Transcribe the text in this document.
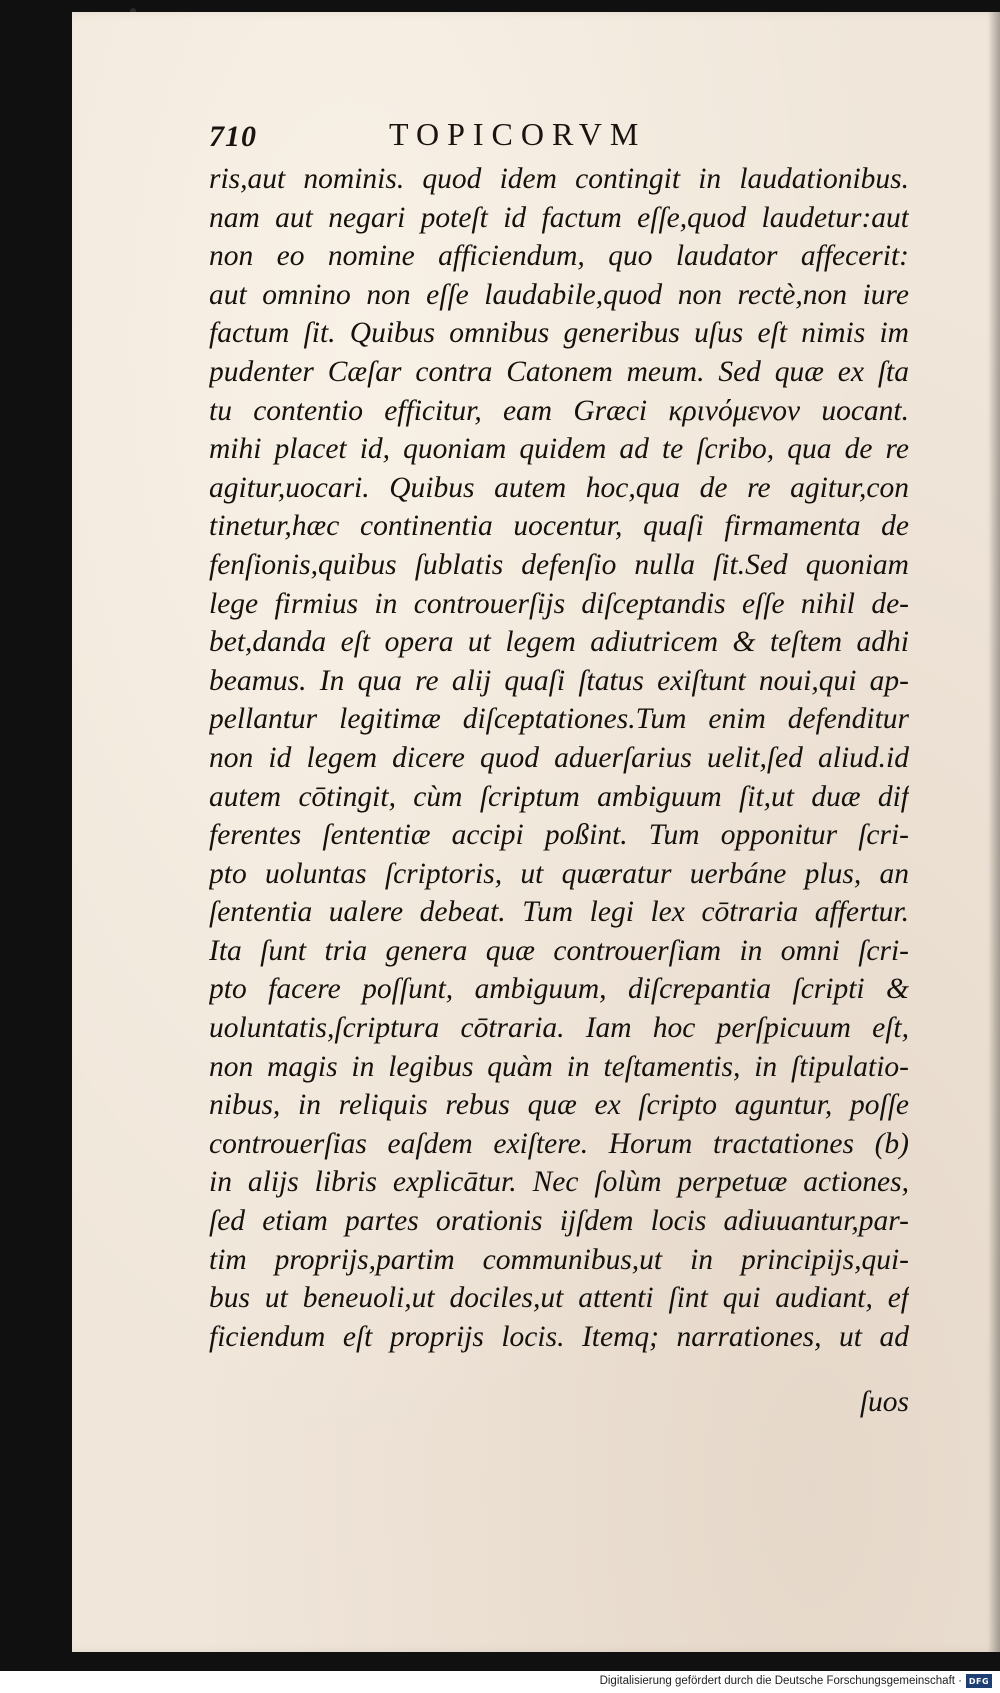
710	TOPICORVM
ris,aut nominis. quod idem contingit in laudationibus.
nam aut negari poteſt id factum eſſe,quod laudetur:aut
non eo nomine afficiendum, quo laudator affecerit:
aut omnino non eſſe laudabile,quod non rectè,non iure
factum ſit. Quibus omnibus generibus uſus eſt nimis im
pudenter Cæſar contra Catonem meum. Sed quæ ex ſta
tu contentio efficitur, eam Græci κρινόμενον uocant.
mihi placet id, quoniam quidem ad te ſcribo, qua de re
agitur,uocari. Quibus autem hoc,qua de re agitur,con
tinetur,hæc continentia uocentur, quaſi firmamenta de
fenſionis,quibus ſublatis defenſio nulla ſit.Sed quoniam
lege firmius in controuerſijs diſceptandis eſſe nihil de-
bet,danda eſt opera ut legem adiutricem & teſtem adhi
beamus. In qua re alij quaſi ſtatus exiſtunt noui,qui ap-
pellantur legitimæ diſceptationes.Tum enim defenditur
non id legem dicere quod aduerſarius uelit,ſed aliud.id
autem cōtingit, cùm ſcriptum ambiguum ſit,ut duæ dif
ferentes ſententiæ accipi poßint. Tum opponitur ſcri-
pto uoluntas ſcriptoris, ut quæratur uerbáne plus, an
ſententia ualere debeat. Tum legi lex cōtraria affertur.
Ita ſunt tria genera quæ controuerſiam in omni ſcri-
pto facere poſſunt, ambiguum, diſcrepantia ſcripti &
uoluntatis,ſcriptura cōtraria. Iam hoc perſpicuum eſt,
non magis in legibus quàm in teſtamentis, in ſtipulatio-
nibus, in reliquis rebus quæ ex ſcripto aguntur, poſſe
controuerſias eaſdem exiſtere. Horum tractationes (b)
in alijs libris explicātur. Nec ſolùm perpetuæ actiones,
ſed etiam partes orationis ijſdem locis adiuuantur,par-
tim proprijs,partim communibus,ut in principijs,qui-
bus ut beneuoli,ut dociles,ut attenti ſint qui audiant, ef
ficiendum eſt proprijs locis. Itemq; narrationes, ut ad
ſuos
Digitalisierung gefördert durch die Deutsche Forschungsgemeinschaft · DFG
